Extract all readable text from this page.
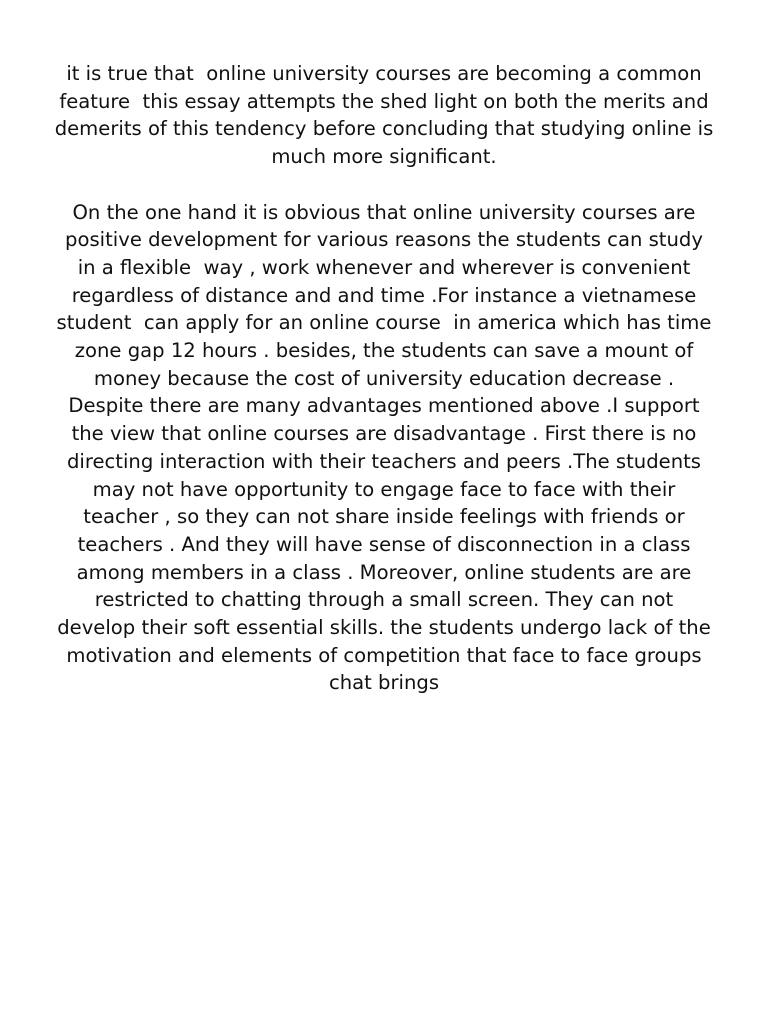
it is true that  online university courses are becoming a common
feature  this essay attempts the shed light on both the merits and
demerits of this tendency before concluding that studying online is
much more significant.

On the one hand it is obvious that online university courses are
positive development for various reasons the students can study
in a flexible  way , work whenever and wherever is convenient
regardless of distance and and time .For instance a vietnamese
student  can apply for an online course  in america which has time
zone gap 12 hours . besides, the students can save a mount of
money because the cost of university education decrease .
Despite there are many advantages mentioned above .I support
the view that online courses are disadvantage . First there is no
directing interaction with their teachers and peers .The students
may not have opportunity to engage face to face with their
teacher , so they can not share inside feelings with friends or
teachers . And they will have sense of disconnection in a class
among members in a class . Moreover, online students are are
restricted to chatting through a small screen. They can not
develop their soft essential skills. the students undergo lack of the
motivation and elements of competition that face to face groups
chat brings
